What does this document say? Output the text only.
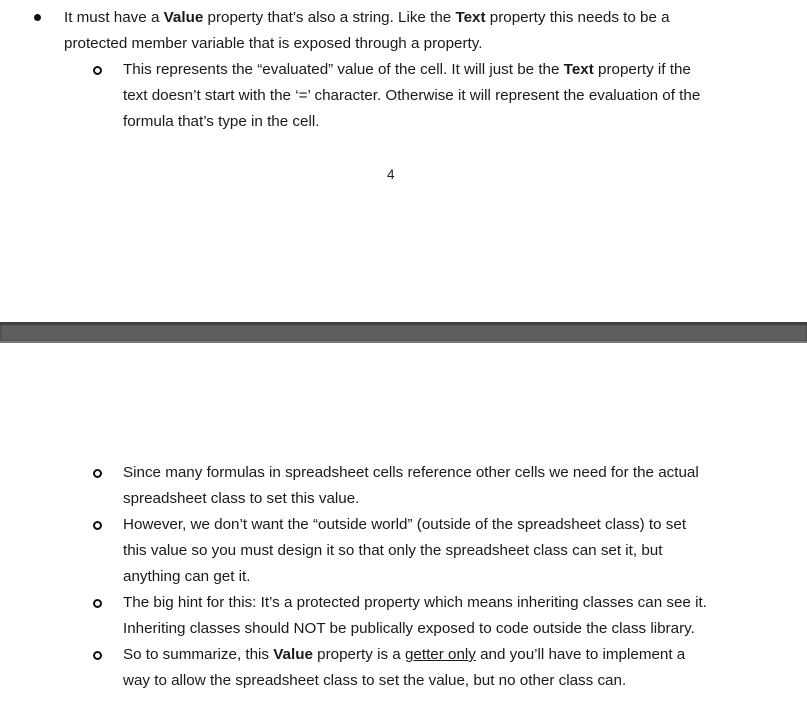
It must have a Value property that’s also a string. Like the Text property this needs to be a
protected member variable that is exposed through a property.
This represents the “evaluated” value of the cell. It will just be the Text property if the
text doesn’t start with the ‘=’ character. Otherwise it will represent the evaluation of the
formula that’s type in the cell.
4
Since many formulas in spreadsheet cells reference other cells we need for the actual
spreadsheet class to set this value.
However, we don’t want the “outside world” (outside of the spreadsheet class) to set
this value so you must design it so that only the spreadsheet class can set it, but
anything can get it.
The big hint for this: It’s a protected property which means inheriting classes can see it.
Inheriting classes should NOT be publically exposed to code outside the class library.
So to summarize, this Value property is a getter only and you’ll have to implement a
way to allow the spreadsheet class to set the value, but no other class can.
